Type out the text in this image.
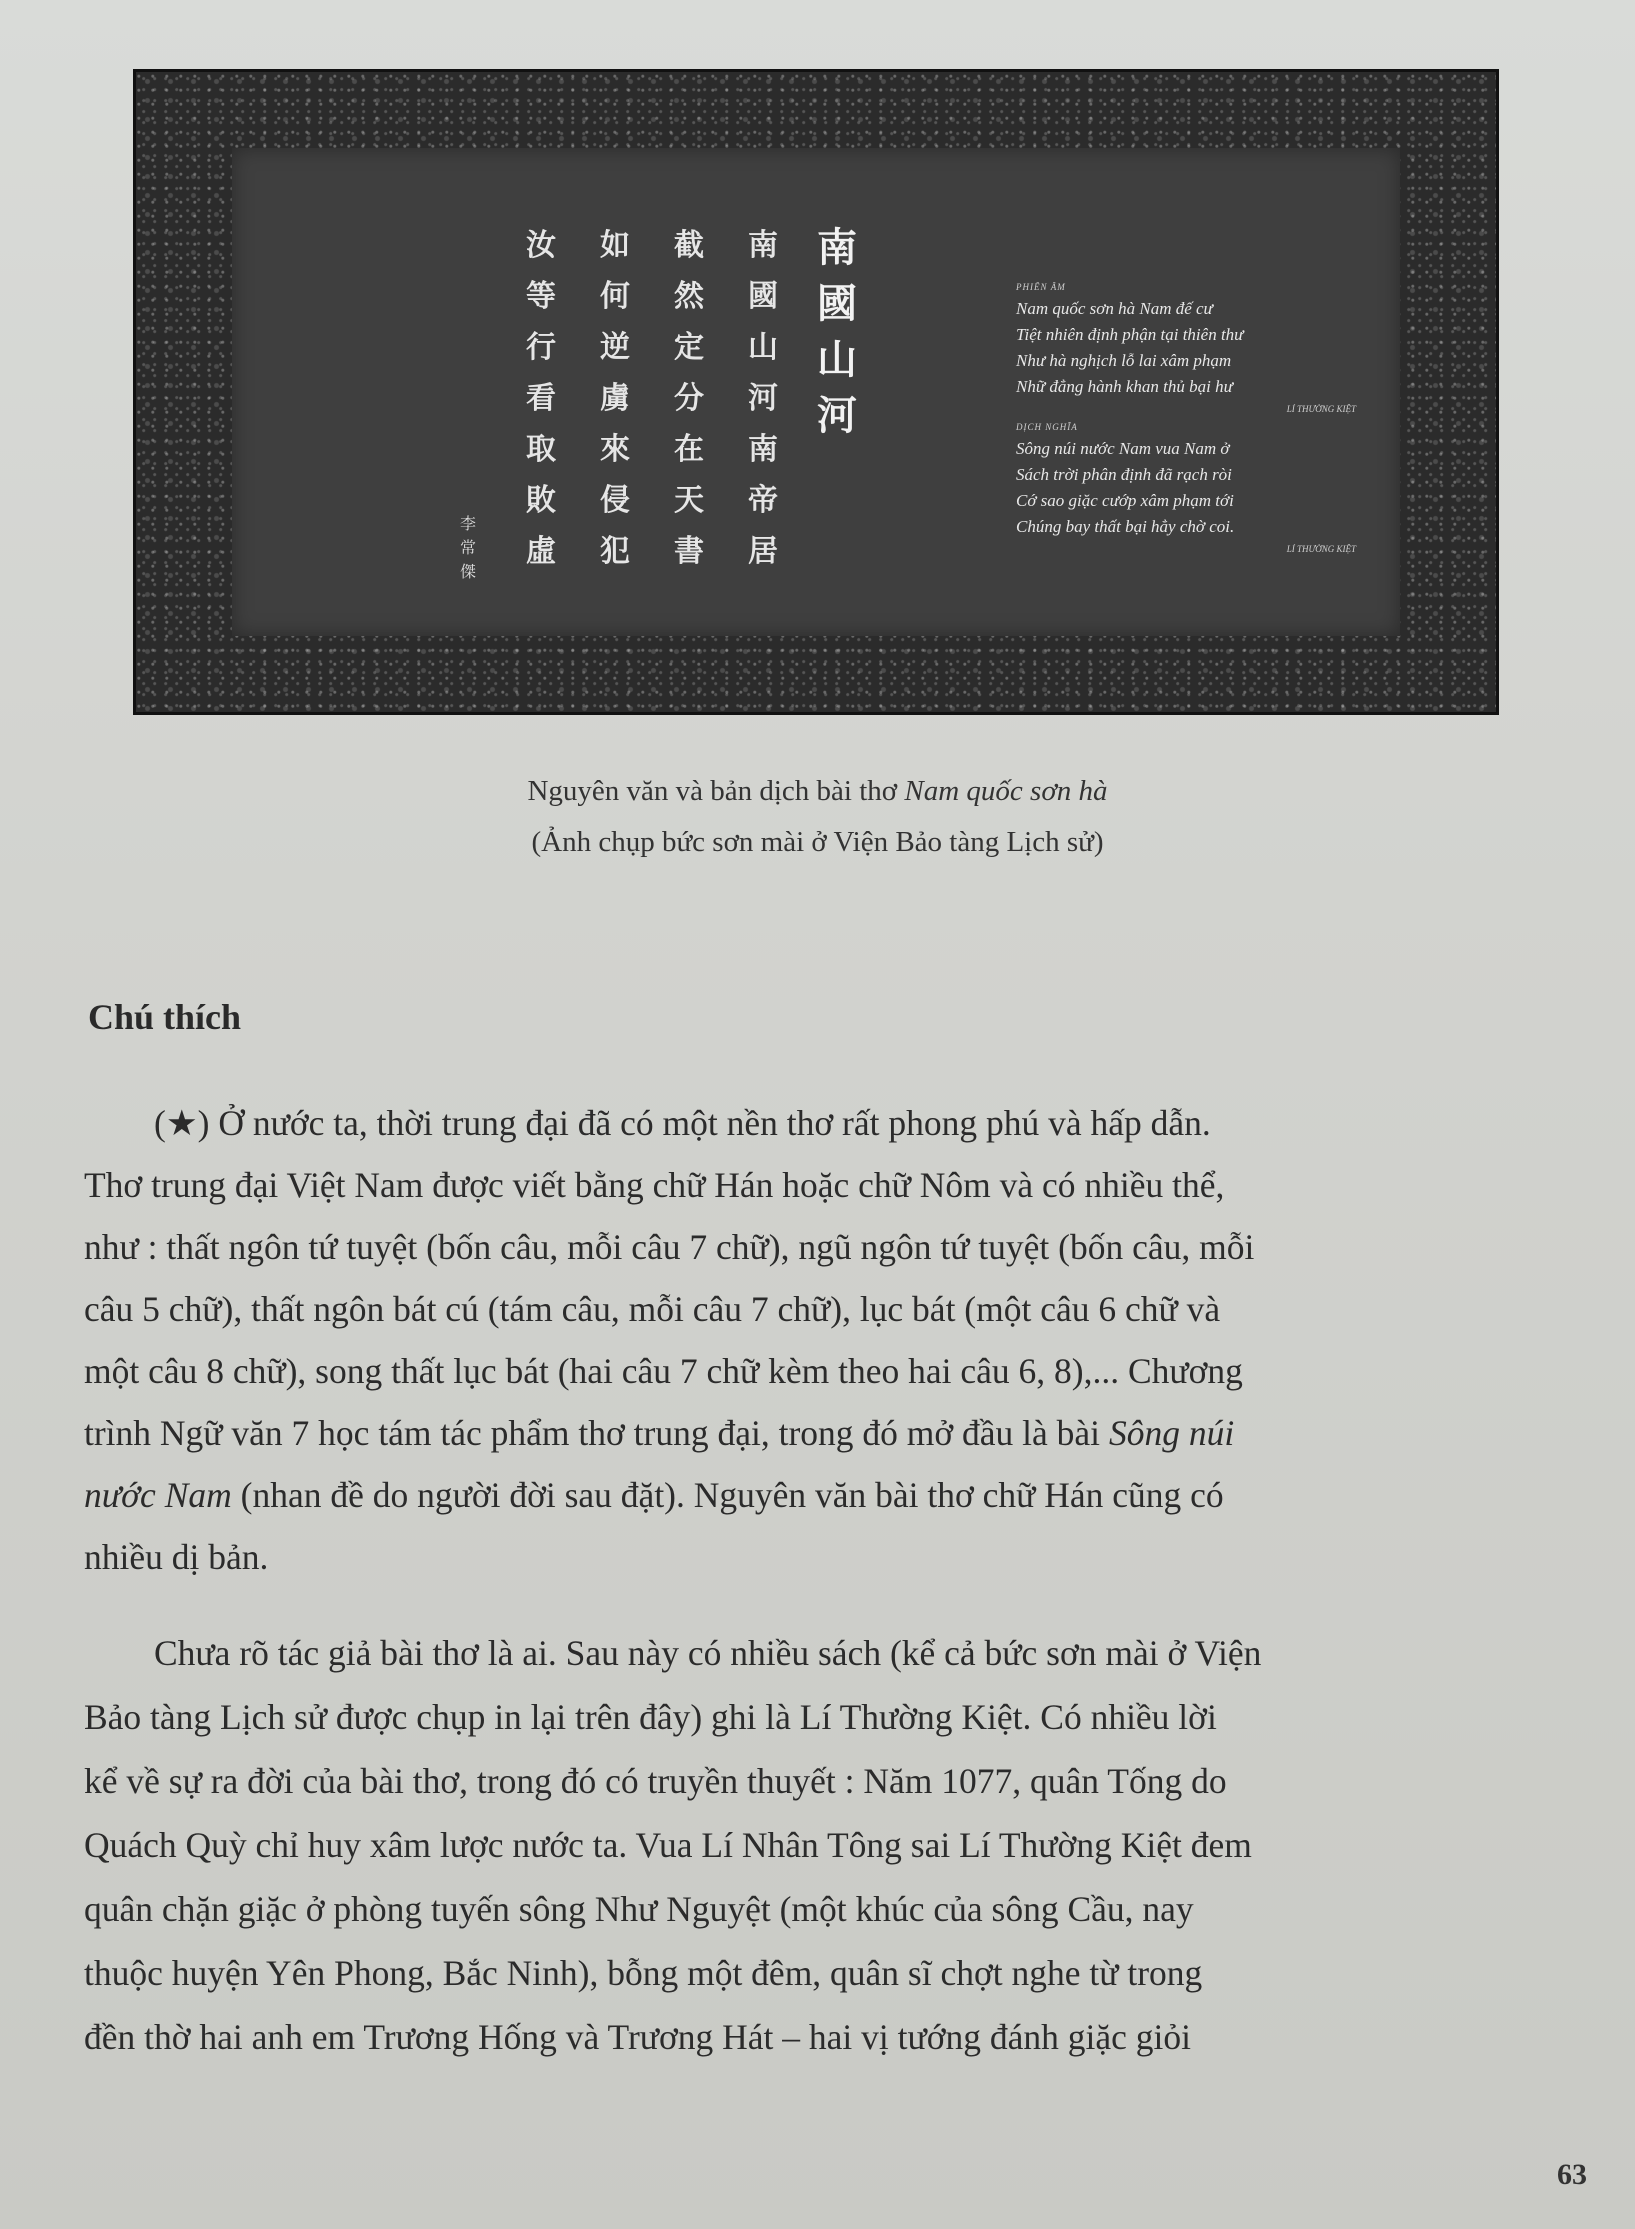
南
國
山
河
南
國
山
河
南
帝
居
截
然
定
分
在
天
書
如
何
逆
虜
來
侵
犯
汝
等
行
看
取
敗
虛
李
常
傑
PHIÊN ÂM
Nam quốc sơn hà Nam đế cư
Tiệt nhiên định phận tại thiên thư
Như hà nghịch lỗ lai xâm phạm
Nhữ đẳng hành khan thủ bại hư
LÍ THƯỜNG KIỆT
DỊCH NGHĨA
Sông núi nước Nam vua Nam ở
Sách trời phân định đã rạch ròi
Cớ sao giặc cướp xâm phạm tới
Chúng bay thất bại hẳy chờ coi.
LÍ THƯỜNG KIỆT
Nguyên văn và bản dịch bài thơ Nam quốc sơn hà
(Ảnh chụp bức sơn mài ở Viện Bảo tàng Lịch sử)
Chú thích
(★) Ở nước ta, thời trung đại đã có một nền thơ rất phong phú và hấp dẫn.
Thơ trung đại Việt Nam được viết bằng chữ Hán hoặc chữ Nôm và có nhiều thể,
như : thất ngôn tứ tuyệt (bốn câu, mỗi câu 7 chữ), ngũ ngôn tứ tuyệt (bốn câu, mỗi
câu 5 chữ), thất ngôn bát cú (tám câu, mỗi câu 7 chữ), lục bát (một câu 6 chữ và
một câu 8 chữ), song thất lục bát (hai câu 7 chữ kèm theo hai câu 6, 8),... Chương
trình Ngữ văn 7 học tám tác phẩm thơ trung đại, trong đó mở đầu là bài Sông núi
nước Nam (nhan đề do người đời sau đặt). Nguyên văn bài thơ chữ Hán cũng có
nhiều dị bản.
Chưa rõ tác giả bài thơ là ai. Sau này có nhiều sách (kể cả bức sơn mài ở Viện
Bảo tàng Lịch sử được chụp in lại trên đây) ghi là Lí Thường Kiệt. Có nhiều lời
kể về sự ra đời của bài thơ, trong đó có truyền thuyết : Năm 1077, quân Tống do
Quách Quỳ chỉ huy xâm lược nước ta. Vua Lí Nhân Tông sai Lí Thường Kiệt đem
quân chặn giặc ở phòng tuyến sông Như Nguyệt (một khúc của sông Cầu, nay
thuộc huyện Yên Phong, Bắc Ninh), bỗng một đêm, quân sĩ chợt nghe từ trong
đền thờ hai anh em Trương Hống và Trương Hát – hai vị tướng đánh giặc giỏi
63
